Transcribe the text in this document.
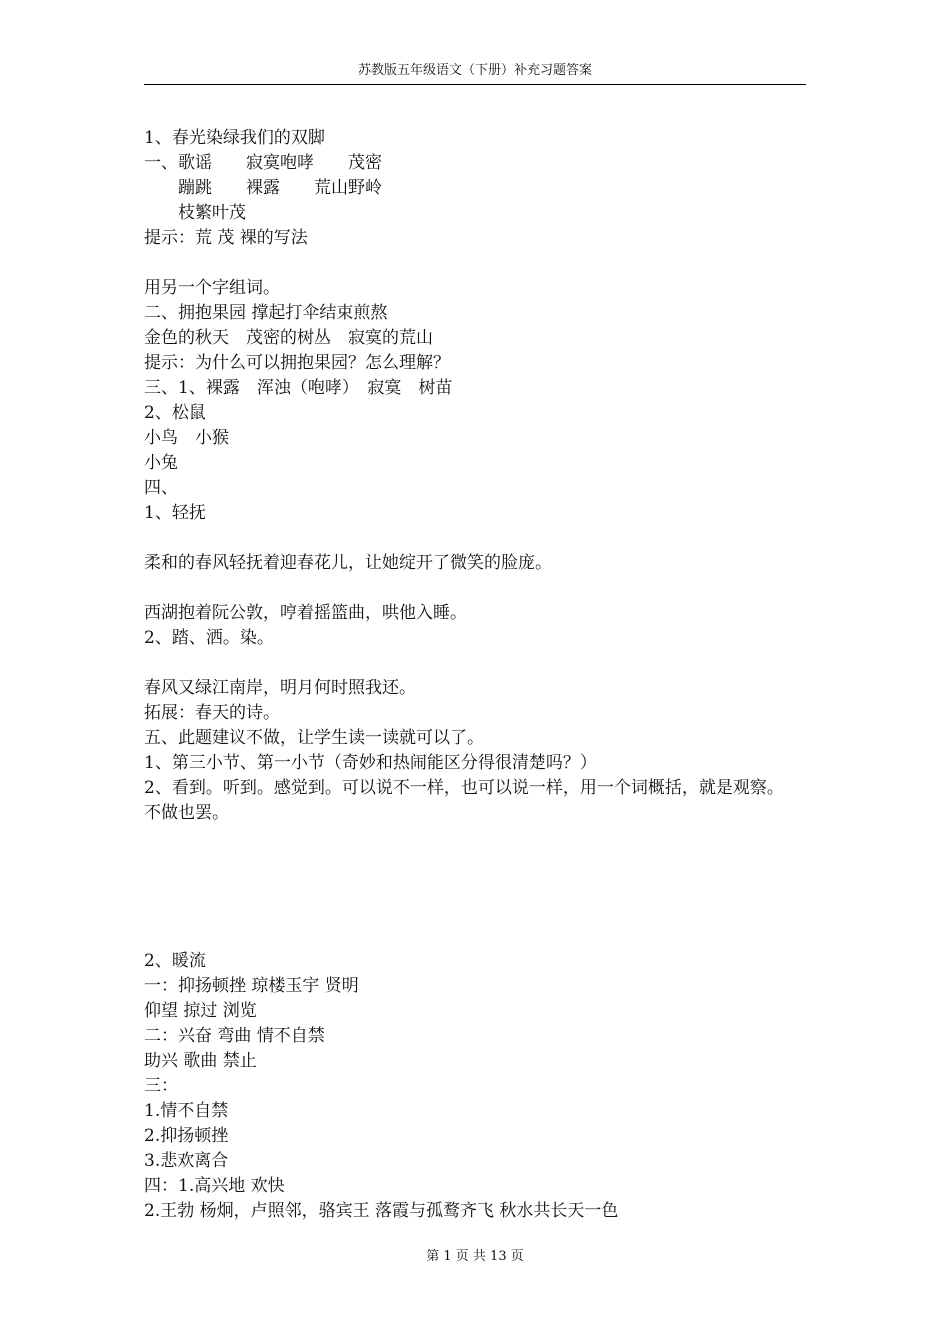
苏教版五年级语文（下册）补充习题答案
1、春光染绿我们的双脚
一、歌谣　　寂寞咆哮　　茂密
　　蹦跳　　裸露　　荒山野岭
　　枝繁叶茂
提示：荒 茂 裸的写法
用另一个字组词。
二、拥抱果园 撑起打伞结束煎熬
金色的秋天　茂密的树丛　寂寞的荒山
提示：为什么可以拥抱果园？怎么理解？
三、1、裸露　浑浊（咆哮）　寂寞　树苗
2、松鼠
小鸟　小猴
小兔
四、
1、轻抚
柔和的春风轻抚着迎春花儿，让她绽开了微笑的脸庞。
西湖抱着阮公敦，哼着摇篮曲，哄他入睡。
2、踏、洒。染。
春风又绿江南岸，明月何时照我还。
拓展：春天的诗。
五、此题建议不做，让学生读一读就可以了。
1、第三小节、第一小节（奇妙和热闹能区分得很清楚吗？）
2、看到。听到。感觉到。可以说不一样，也可以说一样，用一个词概括，就是观察。
不做也罢。
2、暖流
一：抑扬顿挫 琼楼玉宇 贤明
仰望 掠过 浏览
二：兴奋 弯曲 情不自禁
助兴 歌曲 禁止
三：
1.情不自禁
2.抑扬顿挫
3.悲欢离合
四：1.高兴地 欢快
2.王勃 杨炯，卢照邻，骆宾王 落霞与孤鹜齐飞 秋水共长天一色
第 1 页 共 13 页
